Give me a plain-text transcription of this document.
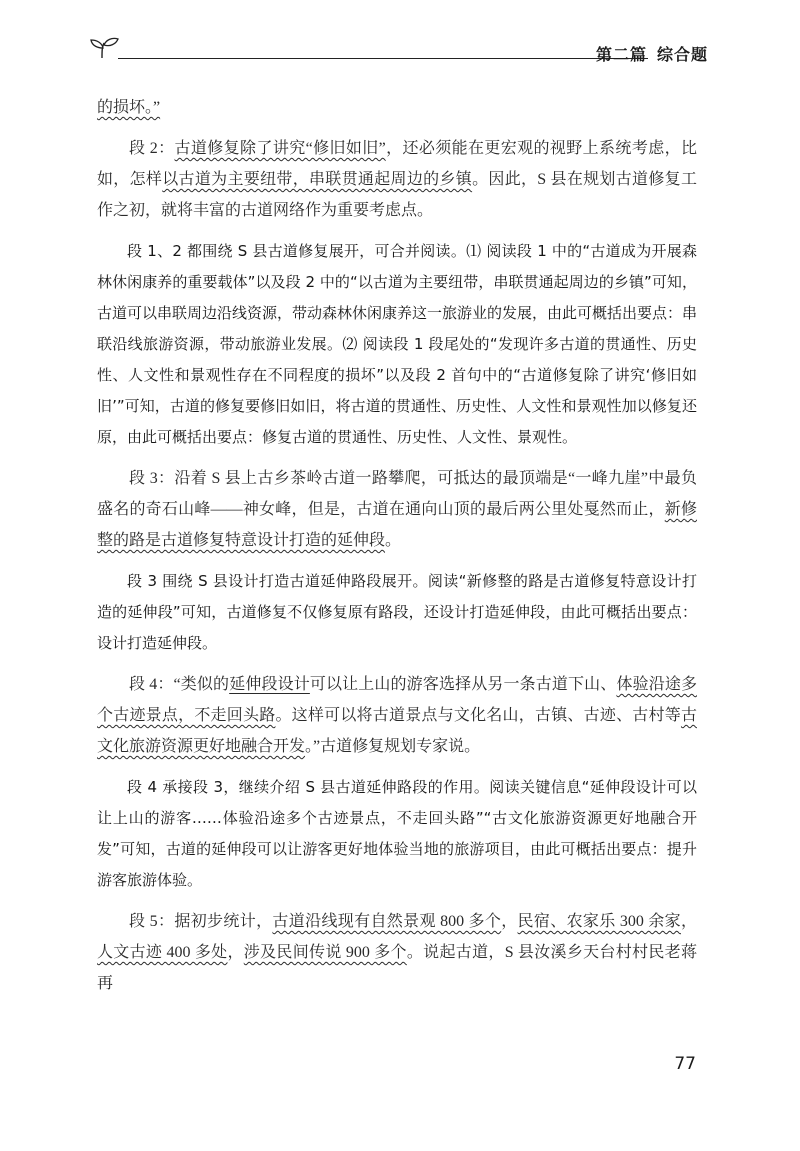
第二篇 综合题

的损坏。”

段 2：古道修复除了讲究“修旧如旧”，还必须能在更宏观的视野上系统考虑，比如，怎样以古道为主要纽带，串联贯通起周边的乡镇。因此，S 县在规划古道修复工作之初，就将丰富的古道网络作为重要考虑点。

段 1、2 都围绕 S 县古道修复展开，可合并阅读。⑴ 阅读段 1 中的“古道成为开展森林休闲康养的重要载体”以及段 2 中的“以古道为主要纽带，串联贯通起周边的乡镇”可知，古道可以串联周边沿线资源，带动森林休闲康养这一旅游业的发展，由此可概括出要点：串联沿线旅游资源，带动旅游业发展。⑵ 阅读段 1 段尾处的“发现许多古道的贯通性、历史性、人文性和景观性存在不同程度的损坏”以及段 2 首句中的“古道修复除了讲究‘修旧如旧’”可知，古道的修复要修旧如旧，将古道的贯通性、历史性、人文性和景观性加以修复还原，由此可概括出要点：修复古道的贯通性、历史性、人文性、景观性。

段 3：沿着 S 县上古乡茶岭古道一路攀爬，可抵达的最顶端是“一峰九崖”中最负盛名的奇石山峰——神女峰，但是，古道在通向山顶的最后两公里处戛然而止，新修整的路是古道修复特意设计打造的延伸段。

段 3 围绕 S 县设计打造古道延伸路段展开。阅读“新修整的路是古道修复特意设计打造的延伸段”可知，古道修复不仅修复原有路段，还设计打造延伸段，由此可概括出要点：设计打造延伸段。

段 4：“类似的延伸段设计可以让上山的游客选择从另一条古道下山、体验沿途多个古迹景点，不走回头路。这样可以将古道景点与文化名山，古镇、古迹、古村等古文化旅游资源更好地融合开发。”古道修复规划专家说。

段 4 承接段 3，继续介绍 S 县古道延伸路段的作用。阅读关键信息“延伸段设计可以让上山的游客……体验沿途多个古迹景点，不走回头路”“古文化旅游资源更好地融合开发”可知，古道的延伸段可以让游客更好地体验当地的旅游项目，由此可概括出要点：提升游客旅游体验。

段 5：据初步统计，古道沿线现有自然景观 800 多个，民宿、农家乐 300 余家，人文古迹 400 多处，涉及民间传说 900 多个。说起古道，S 县汝溪乡天台村村民老蒋再

77
